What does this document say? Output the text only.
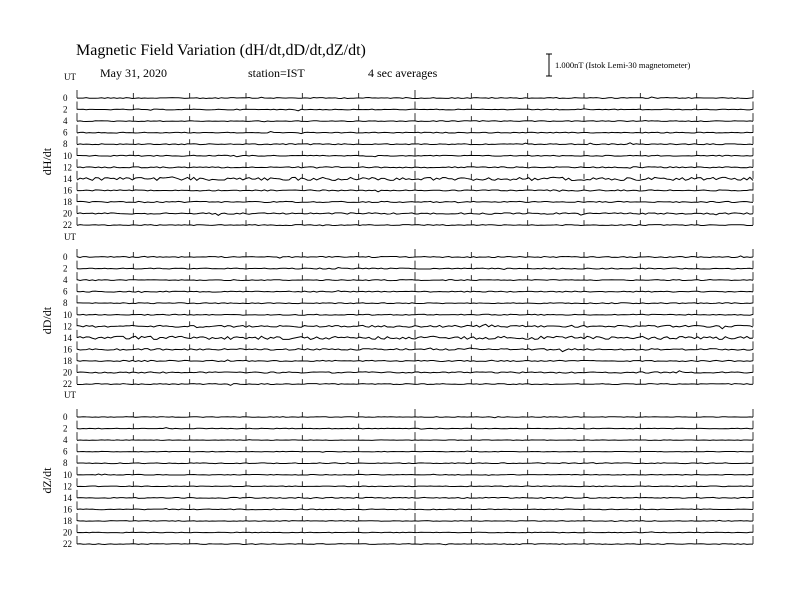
Magnetic Field Variation (dH/dt,dD/dt,dZ/dt)
May 31, 2020	station=IST	4 sec averages
1.000nT (Istok Lemi-30 magnetometer)
UT
dH/dt
0
2
4
6
8
10
12
14
16
18
20
22
UT
dD/dt
0
2
4
6
8
10
12
14
16
18
20
22
UT
dZ/dt
0
2
4
6
8
10
12
14
16
18
20
22
